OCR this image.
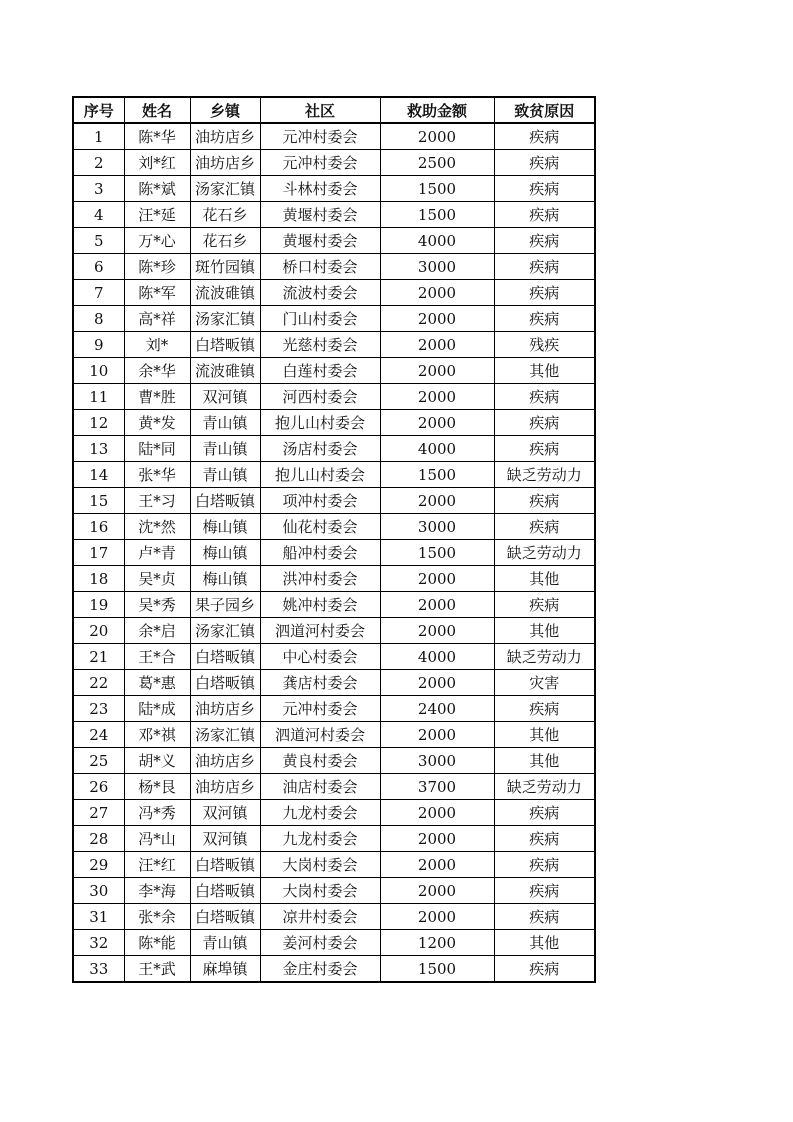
序号	姓名	乡镇	社区	救助金额	致贫原因
1	陈*华	油坊店乡	元冲村委会	2000	疾病
2	刘*红	油坊店乡	元冲村委会	2500	疾病
3	陈*斌	汤家汇镇	斗林村委会	1500	疾病
4	汪*延	花石乡	黄堰村委会	1500	疾病
5	万*心	花石乡	黄堰村委会	4000	疾病
6	陈*珍	斑竹园镇	桥口村委会	3000	疾病
7	陈*军	流波碓镇	流波村委会	2000	疾病
8	高*祥	汤家汇镇	门山村委会	2000	疾病
9	刘*	白塔畈镇	光慈村委会	2000	残疾
10	余*华	流波碓镇	白莲村委会	2000	其他
11	曹*胜	双河镇	河西村委会	2000	疾病
12	黄*发	青山镇	抱儿山村委会	2000	疾病
13	陆*同	青山镇	汤店村委会	4000	疾病
14	张*华	青山镇	抱儿山村委会	1500	缺乏劳动力
15	王*习	白塔畈镇	项冲村委会	2000	疾病
16	沈*然	梅山镇	仙花村委会	3000	疾病
17	卢*青	梅山镇	船冲村委会	1500	缺乏劳动力
18	吴*贞	梅山镇	洪冲村委会	2000	其他
19	吴*秀	果子园乡	姚冲村委会	2000	疾病
20	余*启	汤家汇镇	泗道河村委会	2000	其他
21	王*合	白塔畈镇	中心村委会	4000	缺乏劳动力
22	葛*惠	白塔畈镇	龚店村委会	2000	灾害
23	陆*成	油坊店乡	元冲村委会	2400	疾病
24	邓*祺	汤家汇镇	泗道河村委会	2000	其他
25	胡*义	油坊店乡	黄良村委会	3000	其他
26	杨*艮	油坊店乡	油店村委会	3700	缺乏劳动力
27	冯*秀	双河镇	九龙村委会	2000	疾病
28	冯*山	双河镇	九龙村委会	2000	疾病
29	汪*红	白塔畈镇	大岗村委会	2000	疾病
30	李*海	白塔畈镇	大岗村委会	2000	疾病
31	张*余	白塔畈镇	凉井村委会	2000	疾病
32	陈*能	青山镇	姜河村委会	1200	其他
33	王*武	麻埠镇	金庄村委会	1500	疾病
